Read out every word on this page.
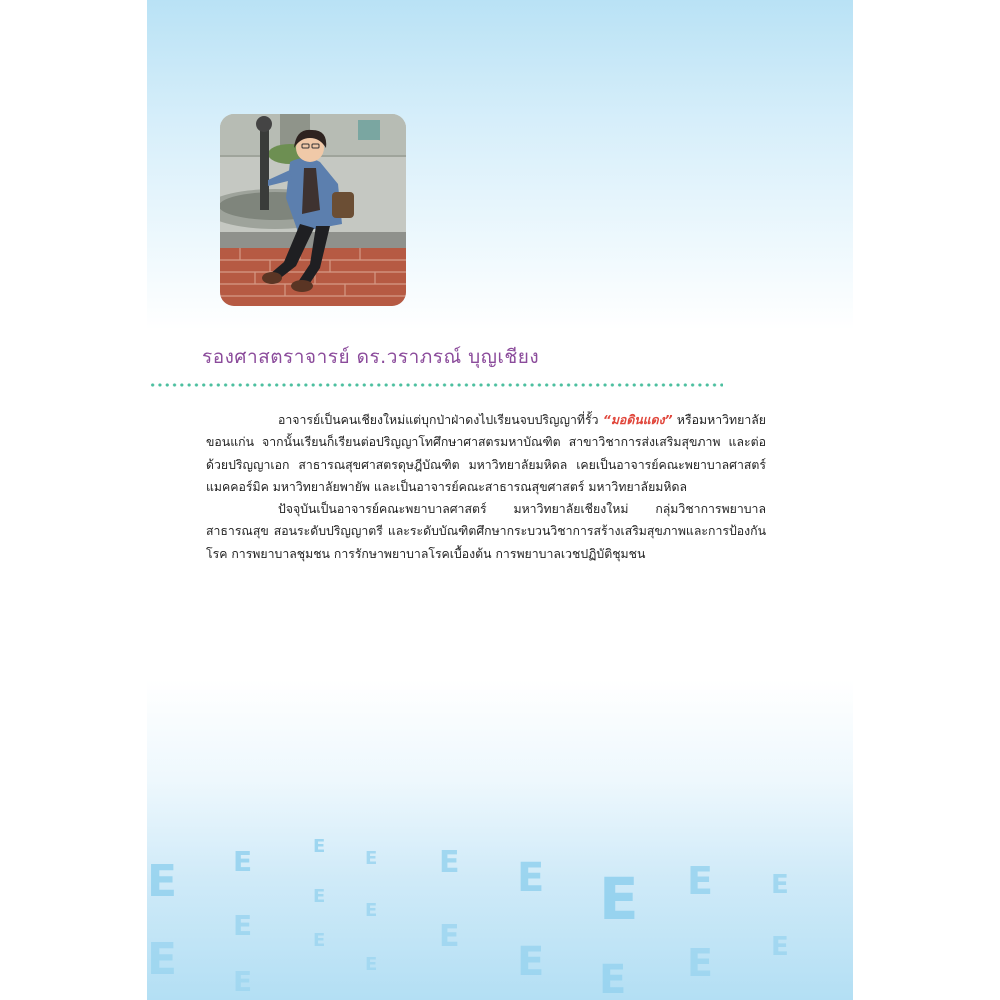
รองศาสตราจารย์ ดร.วราภรณ์ บุญเชียง

อาจารย์เป็นคนเชียงใหม่แต่บุกป่าฝ่าดงไปเรียนจบปริญญาที่รั้ว “มอดินแดง” หรือมหาวิทยาลัยขอนแก่น จากนั้นเรียนก็เรียนต่อปริญญาโทศึกษาศาสตรมหาบัณฑิต สาขาวิชาการส่งเสริมสุขภาพ และต่อด้วยปริญญาเอก สาธารณสุขศาสตรดุษฎีบัณฑิต มหาวิทยาลัยมหิดล เคยเป็นอาจารย์คณะพยาบาลศาสตร์แมคคอร์มิค มหาวิทยาลัยพายัพ และเป็นอาจารย์คณะสาธารณสุขศาสตร์ มหาวิทยาลัยมหิดล

ปัจจุบันเป็นอาจารย์คณะพยาบาลศาสตร์ มหาวิทยาลัยเชียงใหม่ กลุ่มวิชาการพยาบาลสาธารณสุข สอนระดับปริญญาตรี และระดับบัณฑิตศึกษากระบวนวิชาการสร้างเสริมสุขภาพและการป้องกันโรค การพยาบาลชุมชน การรักษาพยาบาลโรคเบื้องต้น การพยาบาลเวชปฏิบัติชุมชน

E
E
E
E
E
E
E
E
E
E
E
E
E
E
E
E
E
E
E
E
E
